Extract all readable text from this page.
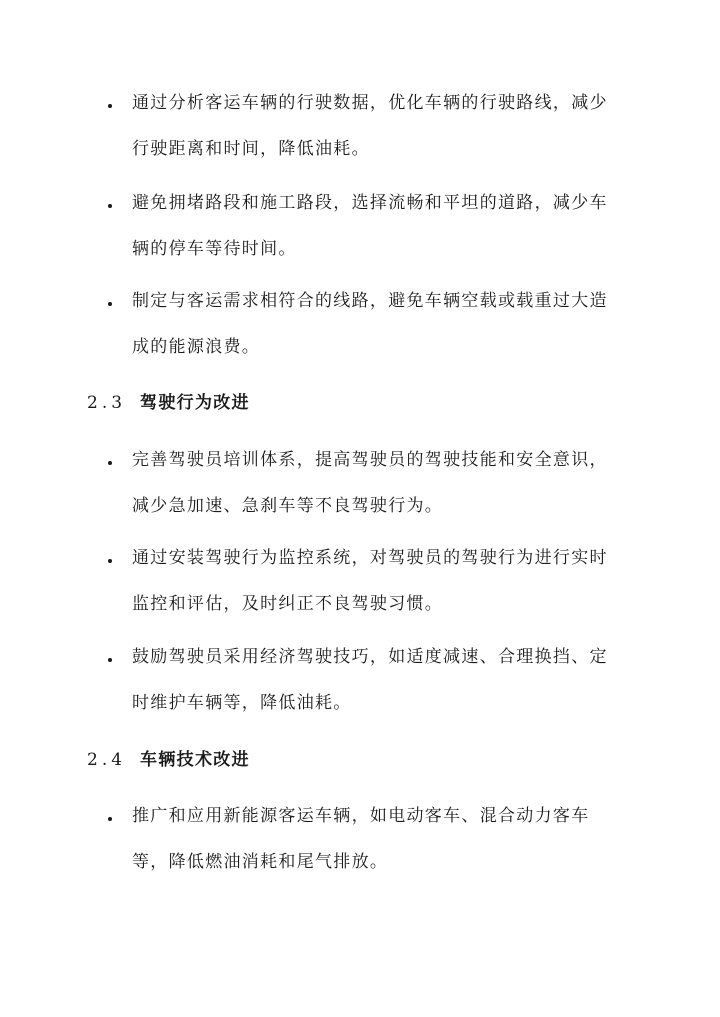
通过分析客运车辆的行驶数据，优化车辆的行驶路线，减少行驶距离和时间，降低油耗。
避免拥堵路段和施工路段，选择流畅和平坦的道路，减少车辆的停车等待时间。
制定与客运需求相符合的线路，避免车辆空载或载重过大造成的能源浪费。
2.3 驾驶行为改进
完善驾驶员培训体系，提高驾驶员的驾驶技能和安全意识，减少急加速、急刹车等不良驾驶行为。
通过安装驾驶行为监控系统，对驾驶员的驾驶行为进行实时监控和评估，及时纠正不良驾驶习惯。
鼓励驾驶员采用经济驾驶技巧，如适度减速、合理换挡、定时维护车辆等，降低油耗。
2.4 车辆技术改进
推广和应用新能源客运车辆，如电动客车、混合动力客车等，降低燃油消耗和尾气排放。
